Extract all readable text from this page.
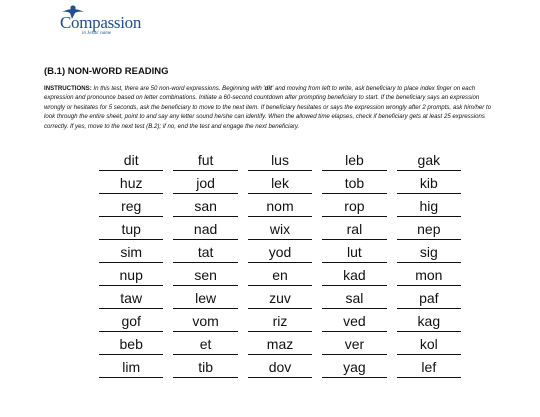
Compassion
in Jesus' name
(B.1) NON-WORD READING

INSTRUCTIONS: In this test, there are 50 non-word expressions. Beginning with 'dit' and moving from left to write, ask beneficiary to place index finger on each expression and pronounce based on letter combinations. Initiate a 60-second countdown after prompting beneficiary to start. If the beneficiary says an expression wrongly or hesitates for 5 seconds, ask the beneficiary to move to the next item. If beneficiary hesitates or says the expression wrongly after 2 prompts, ask him/her to look through the entire sheet, point to and say any letter sound he/she can identify. When the allowed time elapses, check if beneficiary gets at least 25 expressions correctly. If yes, move to the next test (B.2); if no, end the test and engage the next beneficiary.

dit	fut	lus	leb	gak
huz	jod	lek	tob	kib
reg	san	nom	rop	hig
tup	nad	wix	ral	nep
sim	tat	yod	lut	sig
nup	sen	en	kad	mon
taw	lew	zuv	sal	paf
gof	vom	riz	ved	kag
beb	et	maz	ver	kol
lim	tib	dov	yag	lef
